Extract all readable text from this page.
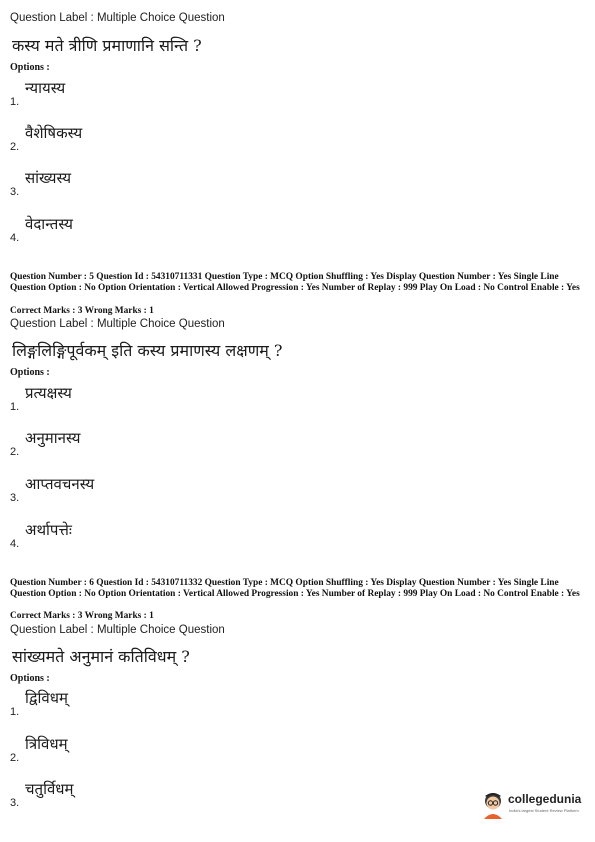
Question Label : Multiple Choice Question
कस्य मते त्रीणि प्रमाणानि सन्ति ?
Options :
1.
न्यायस्य
2.
वैशेषिकस्य
3.
सांख्यस्य
4.
वेदान्तस्य
Question Number : 5 Question Id : 54310711331 Question Type : MCQ Option Shuffling : Yes Display Question Number : Yes Single Line Question Option : No Option Orientation : Vertical Allowed Progression : Yes Number of Replay : 999 Play On Load : No Control Enable : Yes
Correct Marks : 3 Wrong Marks : 1
Question Label : Multiple Choice Question
लिङ्गलिङ्गिपूर्वकम् इति कस्य प्रमाणस्य लक्षणम् ?
Options :
1.
प्रत्यक्षस्य
2.
अनुमानस्य
3.
आप्तवचनस्य
4.
अर्थापत्तेः
Question Number : 6 Question Id : 54310711332 Question Type : MCQ Option Shuffling : Yes Display Question Number : Yes Single Line Question Option : No Option Orientation : Vertical Allowed Progression : Yes Number of Replay : 999 Play On Load : No Control Enable : Yes
Correct Marks : 3 Wrong Marks : 1
Question Label : Multiple Choice Question
सांख्यमते अनुमानं कतिविधम् ?
Options :
1.
द्विविधम्
2.
त्रिविधम्
3.
चतुर्विधम्
collegedunia
India's largest Student Review Platform
